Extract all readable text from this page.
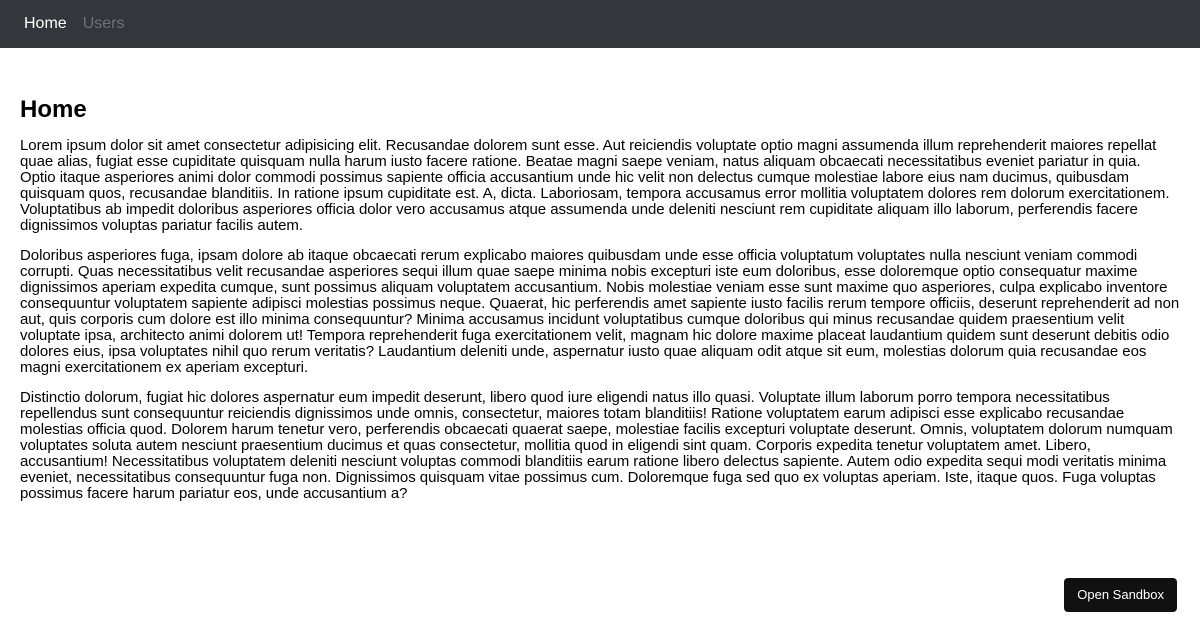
Home Users
Home

Lorem ipsum dolor sit amet consectetur adipisicing elit. Recusandae dolorem sunt esse. Aut reiciendis voluptate optio magni assumenda illum reprehenderit maiores repellat quae alias, fugiat esse cupiditate quisquam nulla harum iusto facere ratione. Beatae magni saepe veniam, natus aliquam obcaecati necessitatibus eveniet pariatur in quia. Optio itaque asperiores animi dolor commodi possimus sapiente officia accusantium unde hic velit non delectus cumque molestiae labore eius nam ducimus, quibusdam quisquam quos, recusandae blanditiis. In ratione ipsum cupiditate est. A, dicta. Laboriosam, tempora accusamus error mollitia voluptatem dolores rem dolorum exercitationem. Voluptatibus ab impedit doloribus asperiores officia dolor vero accusamus atque assumenda unde deleniti nesciunt rem cupiditate aliquam illo laborum, perferendis facere dignissimos voluptas pariatur facilis autem.

Doloribus asperiores fuga, ipsam dolore ab itaque obcaecati rerum explicabo maiores quibusdam unde esse officia voluptatum voluptates nulla nesciunt veniam commodi corrupti. Quas necessitatibus velit recusandae asperiores sequi illum quae saepe minima nobis excepturi iste eum doloribus, esse doloremque optio consequatur maxime dignissimos aperiam expedita cumque, sunt possimus aliquam voluptatem accusantium. Nobis molestiae veniam esse sunt maxime quo asperiores, culpa explicabo inventore consequuntur voluptatem sapiente adipisci molestias possimus neque. Quaerat, hic perferendis amet sapiente iusto facilis rerum tempore officiis, deserunt reprehenderit ad non aut, quis corporis cum dolore est illo minima consequuntur? Minima accusamus incidunt voluptatibus cumque doloribus qui minus recusandae quidem praesentium velit voluptate ipsa, architecto animi dolorem ut! Tempora reprehenderit fuga exercitationem velit, magnam hic dolore maxime placeat laudantium quidem sunt deserunt debitis odio dolores eius, ipsa voluptates nihil quo rerum veritatis? Laudantium deleniti unde, aspernatur iusto quae aliquam odit atque sit eum, molestias dolorum quia recusandae eos magni exercitationem ex aperiam excepturi.

Distinctio dolorum, fugiat hic dolores aspernatur eum impedit deserunt, libero quod iure eligendi natus illo quasi. Voluptate illum laborum porro tempora necessitatibus repellendus sunt consequuntur reiciendis dignissimos unde omnis, consectetur, maiores totam blanditiis! Ratione voluptatem earum adipisci esse explicabo recusandae molestias officia quod. Dolorem harum tenetur vero, perferendis obcaecati quaerat saepe, molestiae facilis excepturi voluptate deserunt. Omnis, voluptatem dolorum numquam voluptates soluta autem nesciunt praesentium ducimus et quas consectetur, mollitia quod in eligendi sint quam. Corporis expedita tenetur voluptatem amet. Libero, accusantium! Necessitatibus voluptatem deleniti nesciunt voluptas commodi blanditiis earum ratione libero delectus sapiente. Autem odio expedita sequi modi veritatis minima eveniet, necessitatibus consequuntur fuga non. Dignissimos quisquam vitae possimus cum. Doloremque fuga sed quo ex voluptas aperiam. Iste, itaque quos. Fuga voluptas possimus facere harum pariatur eos, unde accusantium a?

Open Sandbox
